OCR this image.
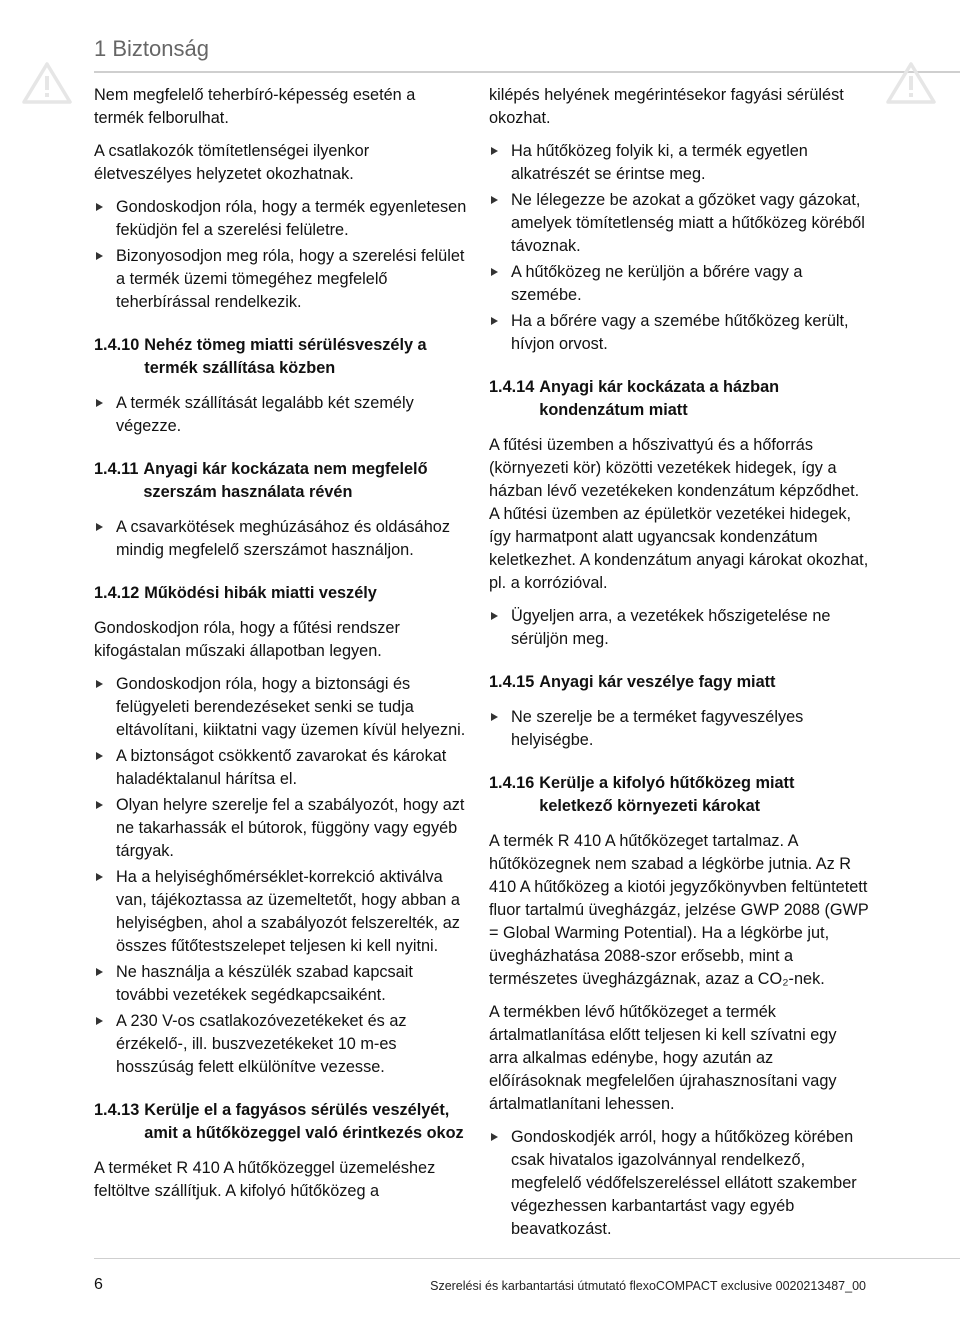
1 Biztonság

Nem megfelelő teherbíró-képesség esetén a termék felborulhat.

A csatlakozók tömítetlenségei ilyenkor életveszélyes helyzetet okozhatnak.

Gondoskodjon róla, hogy a termék egyenletesen feküdjön fel a szerelési felületre.
Bizonyosodjon meg róla, hogy a szerelési felület a termék üzemi tömegéhez megfelelő teherbírással rendelkezik.
1.4.10 Nehéz tömeg miatti sérülésveszély a termék szállítása közben
A termék szállítását legalább két személy végezze.
1.4.11 Anyagi kár kockázata nem megfelelő szerszám használata révén
A csavarkötések meghúzásához és oldásához mindig megfelelő szerszámot használjon.
1.4.12 Működési hibák miatti veszély

Gondoskodjon róla, hogy a fűtési rendszer kifogástalan műszaki állapotban legyen.

Gondoskodjon róla, hogy a biztonsági és felügyeleti berendezéseket senki se tudja eltávolítani, kiiktatni vagy üzemen kívül helyezni.
A biztonságot csökkentő zavarokat és károkat haladéktalanul hárítsa el.
Olyan helyre szerelje fel a szabályozót, hogy azt ne takarhassák el bútorok, függöny vagy egyéb tárgyak.
Ha a helyiséghőmérséklet-korrekció aktiválva van, tájékoztassa az üzemeltetőt, hogy abban a helyiségben, ahol a szabályozót felszerelték, az összes fűtőtestszelepet teljesen ki kell nyitni.
Ne használja a készülék szabad kapcsait további vezetékek segédkapcsaiként.
A 230 V-os csatlakozóvezetékeket és az érzékelő-, ill. buszvezetékeket 10 m-es hosszúság felett elkülönítve vezesse.
1.4.13 Kerülje el a fagyásos sérülés veszélyét, amit a hűtőközeggel való érintkezés okoz

A terméket R 410 A hűtőközeggel üzemeléshez feltöltve szállítjuk. A kifolyó hűtőközeg a

kilépés helyének megérintésekor fagyási sérülést okozhat.

Ha hűtőközeg folyik ki, a termék egyetlen alkatrészét se érintse meg.
Ne lélegezze be azokat a gőzöket vagy gázokat, amelyek tömítetlenség miatt a hűtőközeg köréből távoznak.
A hűtőközeg ne kerüljön a bőrére vagy a szemébe.
Ha a bőrére vagy a szemébe hűtőközeg került, hívjon orvost.
1.4.14 Anyagi kár kockázata a házban kondenzátum miatt

A fűtési üzemben a hőszivattyú és a hőforrás (környezeti kör) közötti vezetékek hidegek, így a házban lévő vezetékeken kondenzátum képződhet. A hűtési üzemben az épületkör vezetékei hidegek, így harmatpont alatt ugyancsak kondenzátum keletkezhet. A kondenzátum anyagi károkat okozhat, pl. a korrózióval.

Ügyeljen arra, a vezetékek hőszigetelése ne sérüljön meg.
1.4.15 Anyagi kár veszélye fagy miatt
Ne szerelje be a terméket fagyveszélyes helyiségbe.
1.4.16 Kerülje a kifolyó hűtőközeg miatt keletkező környezeti károkat

A termék R 410 A hűtőközeget tartalmaz. A hűtőközegnek nem szabad a légkörbe jutnia. Az R 410 A hűtőközeg a kiotói jegyzőkönyvben feltüntetett fluor tartalmú üvegházgáz, jelzése GWP 2088 (GWP = Global Warming Potential). Ha a légkörbe jut, üvegházhatása 2088-szor erősebb, mint a természetes üvegházgáznak, azaz a CO₂-nek.

A termékben lévő hűtőközeget a termék ártalmatlanítása előtt teljesen ki kell szívatni egy arra alkalmas edénybe, hogy azután az előírásoknak megfelelően újrahasznosítani vagy ártalmatlanítani lehessen.

Gondoskodjék arról, hogy a hűtőközeg körében csak hivatalos igazolvánnyal rendelkező, megfelelő védőfelszereléssel ellátott szakember végezhessen karbantartást vagy egyéb beavatkozást.
6	Szerelési és karbantartási útmutató flexoCOMPACT exclusive 0020213487_00
